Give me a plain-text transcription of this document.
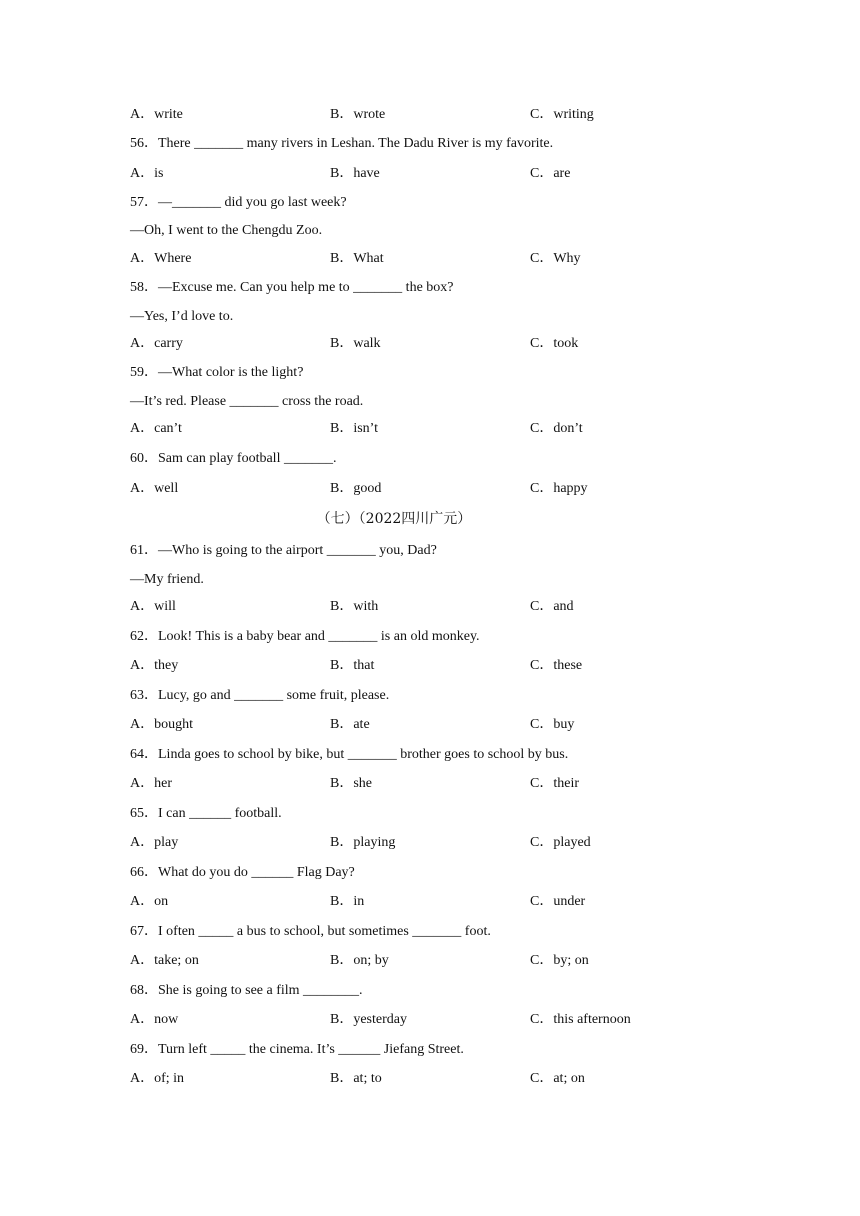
A．write	B．wrote	C．writing
56．There _______ many rivers in Leshan. The Dadu River is my favorite.
A．is	B．have	C．are
57．—_______ did you go last week?
—Oh, I went to the Chengdu Zoo.
A．Where	B．What	C．Why
58．—Excuse me. Can you help me to _______ the box?
—Yes, I’d love to.
A．carry	B．walk	C．took
59．—What color is the light?
—It’s red. Please _______ cross the road.
A．can’t	B．isn’t	C．don’t
60．Sam can play football _______.
A．well	B．good	C．happy
（七）（2022四川广元）
61．—Who is going to the airport _______ you, Dad?
—My friend.
A．will	B．with	C．and
62．Look! This is a baby bear and _______ is an old monkey.
A．they	B．that	C．these
63．Lucy, go and _______ some fruit, please.
A．bought	B．ate	C．buy
64．Linda goes to school by bike, but _______ brother goes to school by bus.
A．her	B．she	C．their
65．I can ______ football.
A．play	B．playing	C．played
66．What do you do ______ Flag Day?
A．on	B．in	C．under
67．I often _____ a bus to school, but sometimes _______ foot.
A．take; on	B．on; by	C．by; on
68．She is going to see a film ________.
A．now	B．yesterday	C．this afternoon
69．Turn left _____ the cinema. It’s ______ Jiefang Street.
A．of; in	B．at; to	C．at; on
